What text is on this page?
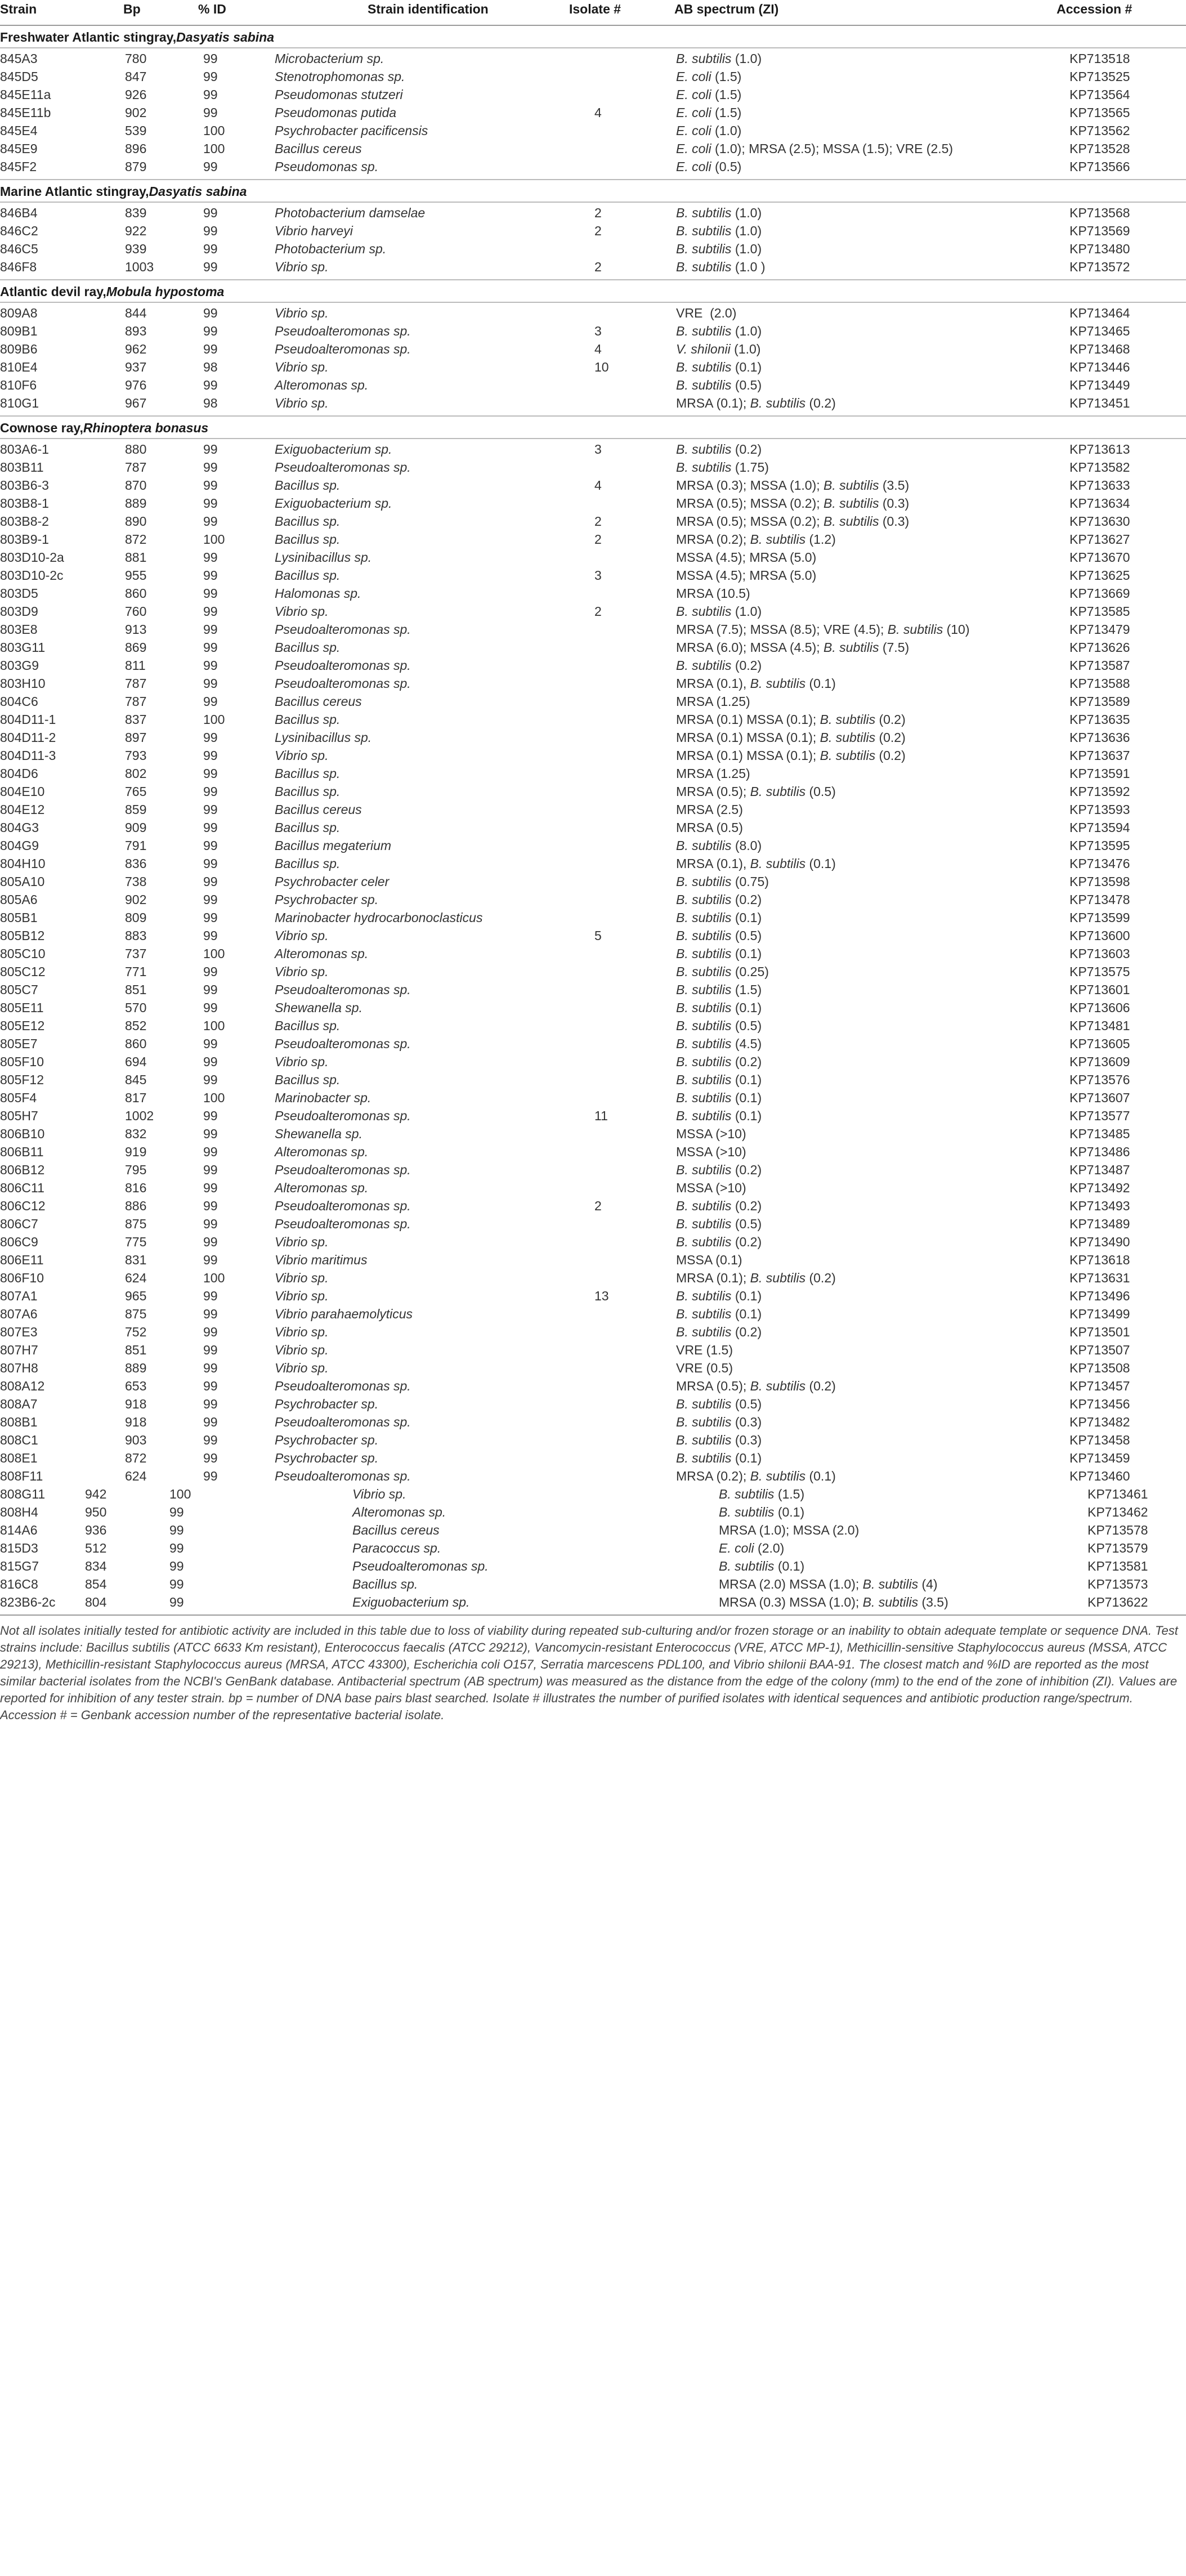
Strain	Bp	% ID	Strain identification	Isolate #	AB spectrum (ZI)	Accession #
Freshwater Atlantic stingray, Dasyatis sabina
845A3	780	99	Microbacterium sp.	B. subtilis (1.0)	KP713518
845D5	847	99	Stenotrophomonas sp.	E. coli (1.5)	KP713525
845E11a	926	99	Pseudomonas stutzeri	E. coli (1.5)	KP713564
845E11b	902	99	Pseudomonas putida	4	E. coli (1.5)	KP713565
845E4	539	100	Psychrobacter pacificensis	E. coli (1.0)	KP713562
845E9	896	100	Bacillus cereus	E. coli (1.0); MRSA (2.5); MSSA (1.5); VRE (2.5)	KP713528
845F2	879	99	Pseudomonas sp.	E. coli (0.5)	KP713566
Marine Atlantic stingray, Dasyatis sabina
846B4	839	99	Photobacterium damselae	2	B. subtilis (1.0)	KP713568
846C2	922	99	Vibrio harveyi	2	B. subtilis (1.0)	KP713569
846C5	939	99	Photobacterium sp.	B. subtilis (1.0)	KP713480
846F8	1003	99	Vibrio sp.	2	B. subtilis (1.0 )	KP713572
Atlantic devil ray, Mobula hypostoma
809A8	844	99	Vibrio sp.	VRE  (2.0)	KP713464
809B1	893	99	Pseudoalteromonas sp.	3	B. subtilis (1.0)	KP713465
809B6	962	99	Pseudoalteromonas sp.	4	V. shilonii (1.0)	KP713468
810E4	937	98	Vibrio sp.	10	B. subtilis (0.1)	KP713446
810F6	976	99	Alteromonas sp.	B. subtilis (0.5)	KP713449
810G1	967	98	Vibrio sp.	MRSA (0.1); B. subtilis (0.2)	KP713451
Cownose ray, Rhinoptera bonasus
803A6-1	880	99	Exiguobacterium sp.	3	B. subtilis (0.2)	KP713613
803B11	787	99	Pseudoalteromonas sp.	B. subtilis (1.75)	KP713582
803B6-3	870	99	Bacillus sp.	4	MRSA (0.3); MSSA (1.0); B. subtilis (3.5)	KP713633
803B8-1	889	99	Exiguobacterium sp.	MRSA (0.5); MSSA (0.2); B. subtilis (0.3)	KP713634
803B8-2	890	99	Bacillus sp.	2	MRSA (0.5); MSSA (0.2); B. subtilis (0.3)	KP713630
803B9-1	872	100	Bacillus sp.	2	MRSA (0.2); B. subtilis (1.2)	KP713627
803D10-2a	881	99	Lysinibacillus sp.	MSSA (4.5); MRSA (5.0)	KP713670
803D10-2c	955	99	Bacillus sp.	3	MSSA (4.5); MRSA (5.0)	KP713625
803D5	860	99	Halomonas sp.	MRSA (10.5)	KP713669
803D9	760	99	Vibrio sp.	2	B. subtilis (1.0)	KP713585
803E8	913	99	Pseudoalteromonas sp.	MRSA (7.5); MSSA (8.5); VRE (4.5); B. subtilis (10)	KP713479
803G11	869	99	Bacillus sp.	MRSA (6.0); MSSA (4.5); B. subtilis (7.5)	KP713626
803G9	811	99	Pseudoalteromonas sp.	B. subtilis (0.2)	KP713587
803H10	787	99	Pseudoalteromonas sp.	MRSA (0.1), B. subtilis (0.1)	KP713588
804C6	787	99	Bacillus cereus	MRSA (1.25)	KP713589
804D11-1	837	100	Bacillus sp.	MRSA (0.1) MSSA (0.1); B. subtilis (0.2)	KP713635
804D11-2	897	99	Lysinibacillus sp.	MRSA (0.1) MSSA (0.1); B. subtilis (0.2)	KP713636
804D11-3	793	99	Vibrio sp.	MRSA (0.1) MSSA (0.1); B. subtilis (0.2)	KP713637
804D6	802	99	Bacillus sp.	MRSA (1.25)	KP713591
804E10	765	99	Bacillus sp.	MRSA (0.5); B. subtilis (0.5)	KP713592
804E12	859	99	Bacillus cereus	MRSA (2.5)	KP713593
804G3	909	99	Bacillus sp.	MRSA (0.5)	KP713594
804G9	791	99	Bacillus megaterium	B. subtilis (8.0)	KP713595
804H10	836	99	Bacillus sp.	MRSA (0.1), B. subtilis (0.1)	KP713476
805A10	738	99	Psychrobacter celer	B. subtilis (0.75)	KP713598
805A6	902	99	Psychrobacter sp.	B. subtilis (0.2)	KP713478
805B1	809	99	Marinobacter hydrocarbonoclasticus	B. subtilis (0.1)	KP713599
805B12	883	99	Vibrio sp.	5	B. subtilis (0.5)	KP713600
805C10	737	100	Alteromonas sp.	B. subtilis (0.1)	KP713603
805C12	771	99	Vibrio sp.	B. subtilis (0.25)	KP713575
805C7	851	99	Pseudoalteromonas sp.	B. subtilis (1.5)	KP713601
805E11	570	99	Shewanella sp.	B. subtilis (0.1)	KP713606
805E12	852	100	Bacillus sp.	B. subtilis (0.5)	KP713481
805E7	860	99	Pseudoalteromonas sp.	B. subtilis (4.5)	KP713605
805F10	694	99	Vibrio sp.	B. subtilis (0.2)	KP713609
805F12	845	99	Bacillus sp.	B. subtilis (0.1)	KP713576
805F4	817	100	Marinobacter sp.	B. subtilis (0.1)	KP713607
805H7	1002	99	Pseudoalteromonas sp.	11	B. subtilis (0.1)	KP713577
806B10	832	99	Shewanella sp.	MSSA (>10)	KP713485
806B11	919	99	Alteromonas sp.	MSSA (>10)	KP713486
806B12	795	99	Pseudoalteromonas sp.	B. subtilis (0.2)	KP713487
806C11	816	99	Alteromonas sp.	MSSA (>10)	KP713492
806C12	886	99	Pseudoalteromonas sp.	2	B. subtilis (0.2)	KP713493
806C7	875	99	Pseudoalteromonas sp.	B. subtilis (0.5)	KP713489
806C9	775	99	Vibrio sp.	B. subtilis (0.2)	KP713490
806E11	831	99	Vibrio maritimus	MSSA (0.1)	KP713618
806F10	624	100	Vibrio sp.	MRSA (0.1); B. subtilis (0.2)	KP713631
807A1	965	99	Vibrio sp.	13	B. subtilis (0.1)	KP713496
807A6	875	99	Vibrio parahaemolyticus	B. subtilis (0.1)	KP713499
807E3	752	99	Vibrio sp.	B. subtilis (0.2)	KP713501
807H7	851	99	Vibrio sp.	VRE (1.5)	KP713507
807H8	889	99	Vibrio sp.	VRE (0.5)	KP713508
808A12	653	99	Pseudoalteromonas sp.	MRSA (0.5); B. subtilis (0.2)	KP713457
808A7	918	99	Psychrobacter sp.	B. subtilis (0.5)	KP713456
808B1	918	99	Pseudoalteromonas sp.	B. subtilis (0.3)	KP713482
808C1	903	99	Psychrobacter sp.	B. subtilis (0.3)	KP713458
808E1	872	99	Psychrobacter sp.	B. subtilis (0.1)	KP713459
808F11	624	99	Pseudoalteromonas sp.	MRSA (0.2); B. subtilis (0.1)	KP713460
808G11	942	100	Vibrio sp.	B. subtilis (1.5)	KP713461
808H4	950	99	Alteromonas sp.	B. subtilis (0.1)	KP713462
814A6	936	99	Bacillus cereus	MRSA (1.0); MSSA (2.0)	KP713578
815D3	512	99	Paracoccus sp.	E. coli (2.0)	KP713579
815G7	834	99	Pseudoalteromonas sp.	B. subtilis (0.1)	KP713581
816C8	854	99	Bacillus sp.	MRSA (2.0) MSSA (1.0); B. subtilis (4)	KP713573
823B6-2c 804	99	Exiguobacterium sp.	MRSA (0.3) MSSA (1.0); B. subtilis (3.5)	KP713622
Not all isolates initially tested for antibiotic activity are included in this table due to loss of viability during repeated sub-culturing and/or frozen storage or an inability to obtain adequate template or sequence DNA. Test strains include: Bacillus subtilis (ATCC 6633 Km resistant), Enterococcus faecalis (ATCC 29212), Vancomycin-resistant Enterococcus (VRE, ATCC MP-1), Methicillin-sensitive Staphylococcus aureus (MSSA, ATCC 29213), Methicillin-resistant Staphylococcus aureus (MRSA, ATCC 43300), Escherichia coli O157, Serratia marcescens PDL100, and Vibrio shilonii BAA-91. The closest match and %ID are reported as the most similar bacterial isolates from the NCBI's GenBank database. Antibacterial spectrum (AB spectrum) was measured as the distance from the edge of the colony (mm) to the end of the zone of inhibition (ZI). Values are reported for inhibition of any tester strain. bp = number of DNA base pairs blast searched. Isolate # illustrates the number of purified isolates with identical sequences and antibiotic production range/spectrum. Accession # = Genbank accession number of the representative bacterial isolate.
